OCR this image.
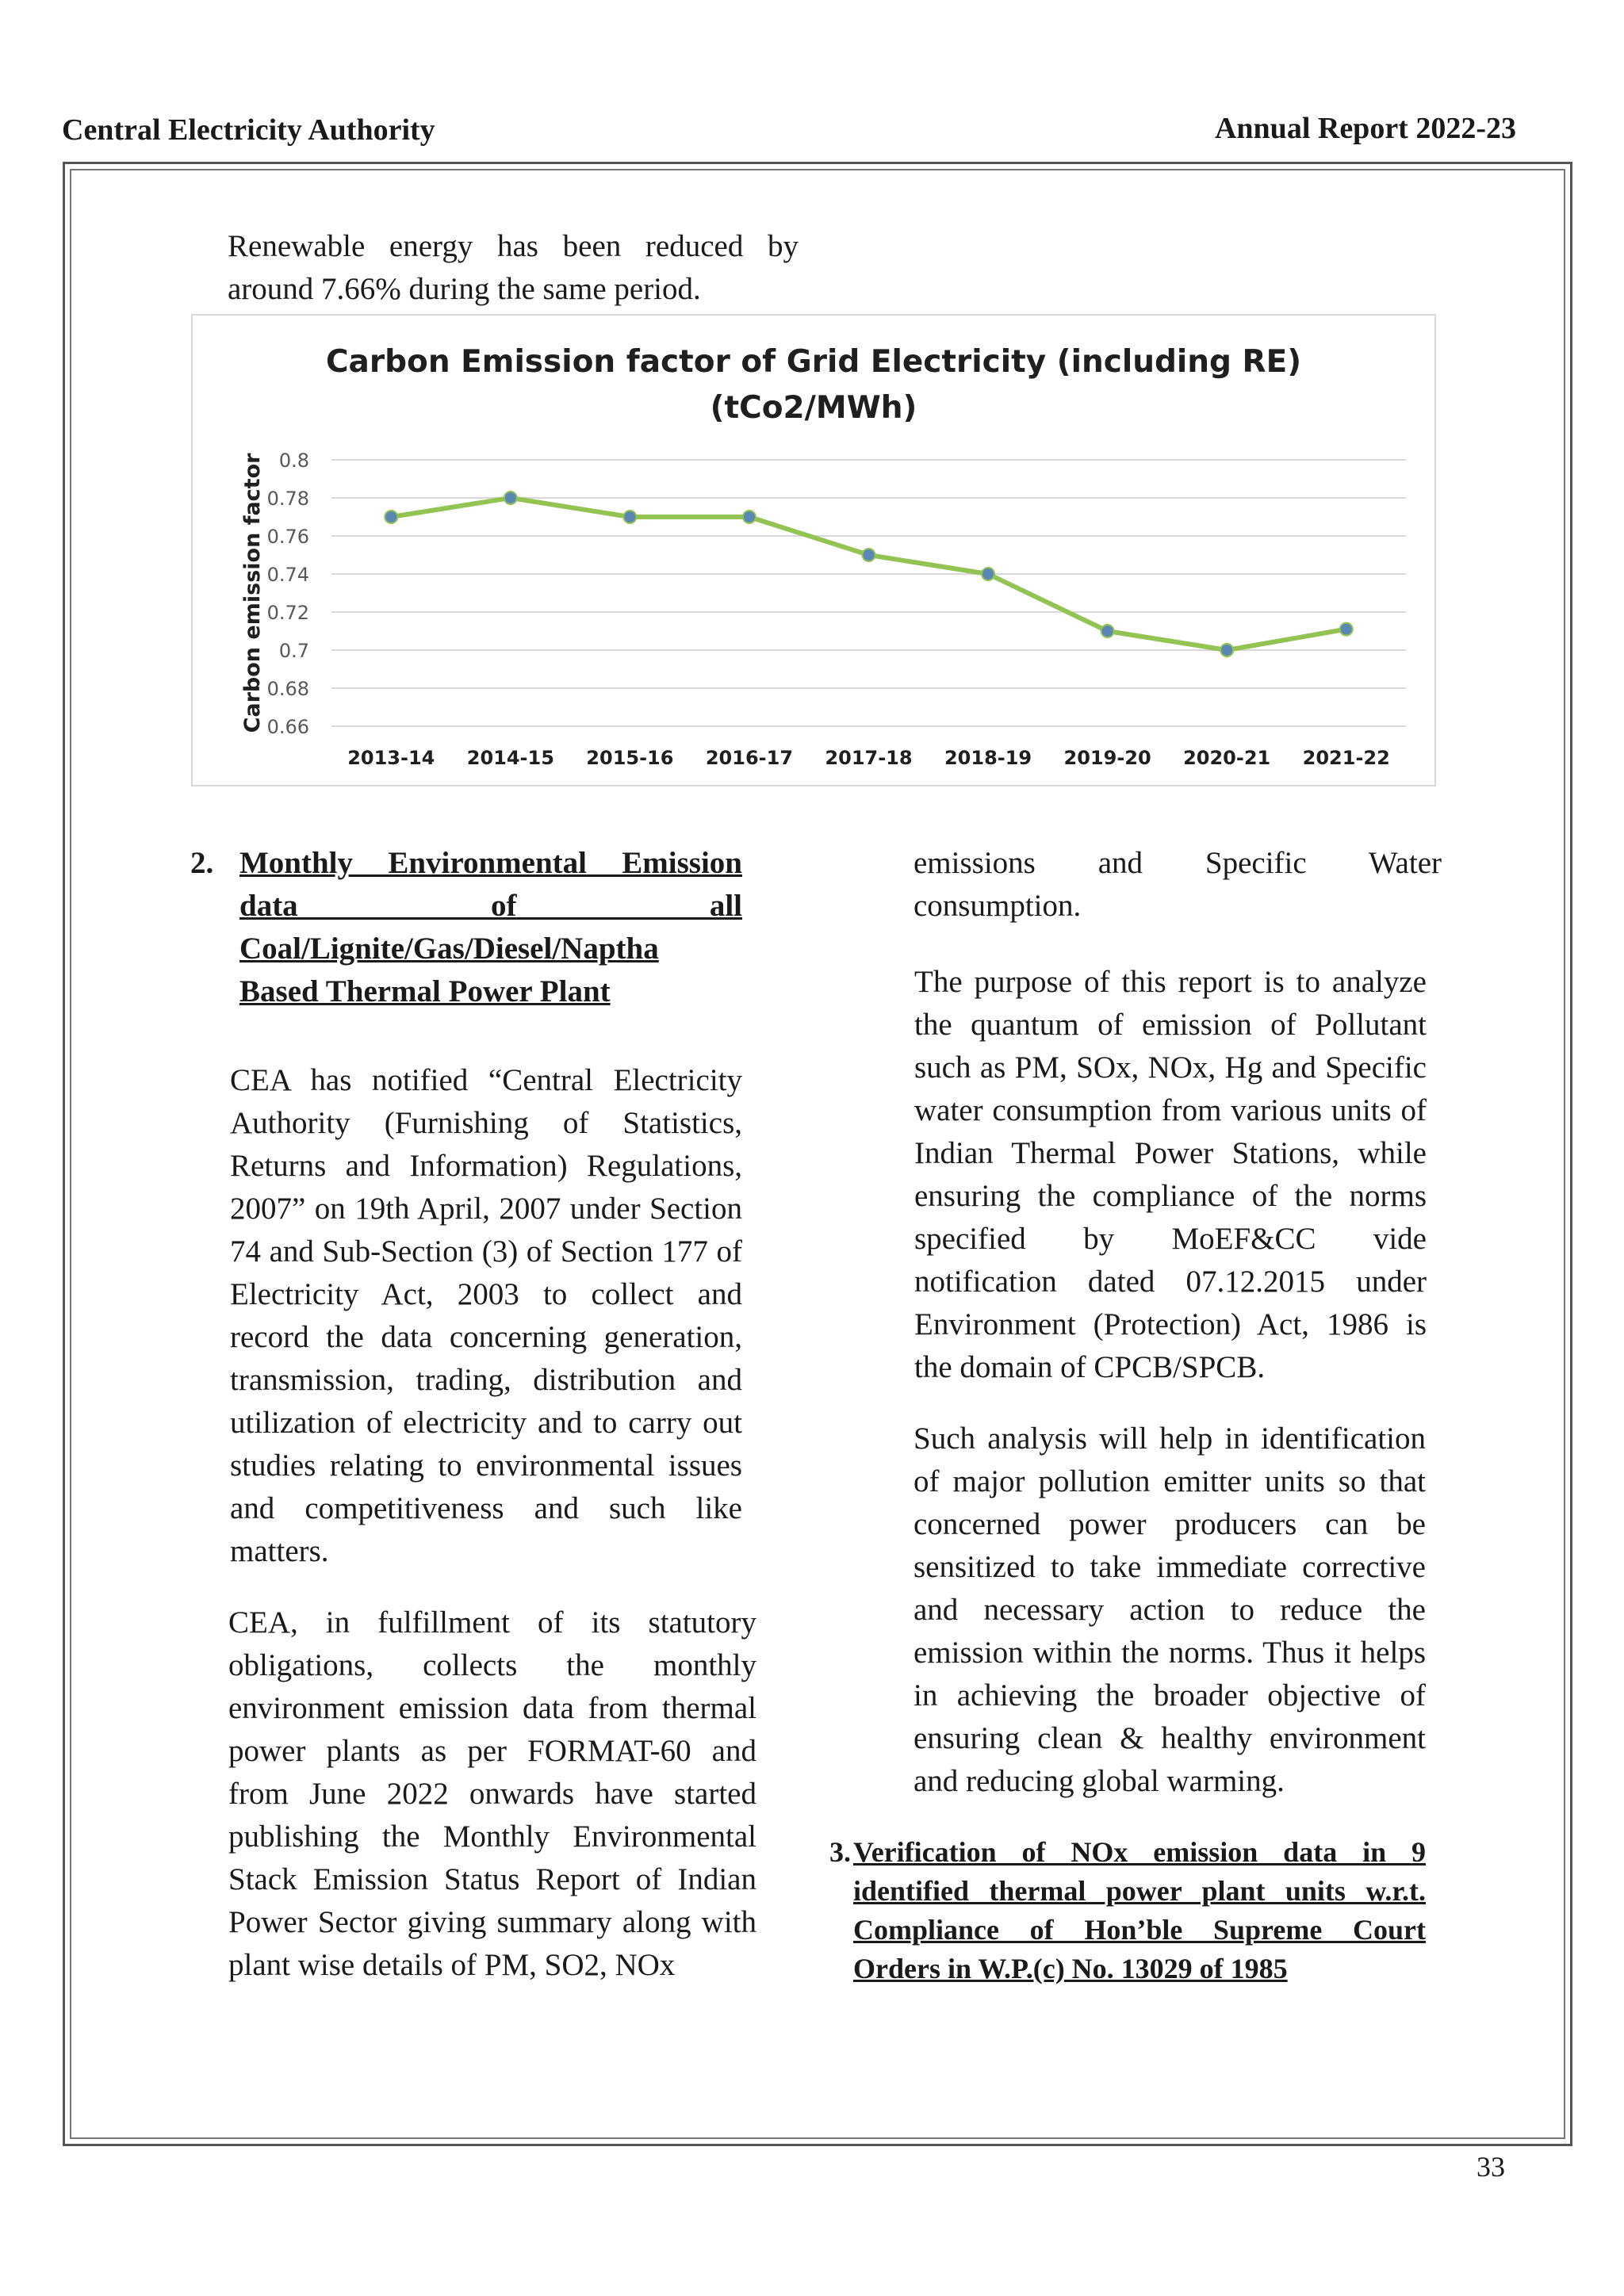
Central Electricity Authority	Annual Report 2022-23
Renewable energy has been reduced by
around 7.66% during the same period.
Carbon Emission factor of Grid Electricity (including RE)
(tCo2/MWh)
0.66
0.68
0.7
0.72
0.74
0.76
0.78
0.8
Carbon emission factor
2013-14 2014-15 2015-16 2016-17 2017-18 2018-19 2019-20 2020-21 2021-22
2. Monthly Environmental Emission
data of all
Coal/Lignite/Gas/Diesel/Naptha
Based Thermal Power Plant

CEA has notified “Central Electricity Authority (Furnishing of Statistics, Returns and Information) Regulations, 2007” on 19th April, 2007 under Section 74 and Sub-Section (3) of Section 177 of Electricity Act, 2003 to collect and record the data concerning generation, transmission, trading, distribution and utilization of electricity and to carry out studies relating to environmental issues and competitiveness and such like matters.

CEA, in fulfillment of its statutory obligations, collects the monthly environment emission data from thermal power plants as per FORMAT-60 and from June 2022 onwards have started publishing the Monthly Environmental Stack Emission Status Report of Indian Power Sector giving summary along with plant wise details of PM, SO2, NOx

emissions and Specific Water consumption.

The purpose of this report is to analyze the quantum of emission of Pollutant such as PM, SOx, NOx, Hg and Specific water consumption from various units of Indian Thermal Power Stations, while ensuring the compliance of the norms specified by MoEF&CC vide notification dated 07.12.2015 under Environment (Protection) Act, 1986 is the domain of CPCB/SPCB.

Such analysis will help in identification of major pollution emitter units so that concerned power producers can be sensitized to take immediate corrective and necessary action to reduce the emission within the norms. Thus it helps in achieving the broader objective of ensuring clean & healthy environment and reducing global warming.

3. Verification of NOx emission data in 9 identified thermal power plant units w.r.t. Compliance of Hon’ble Supreme Court Orders in W.P.(c) No. 13029 of 1985

33
